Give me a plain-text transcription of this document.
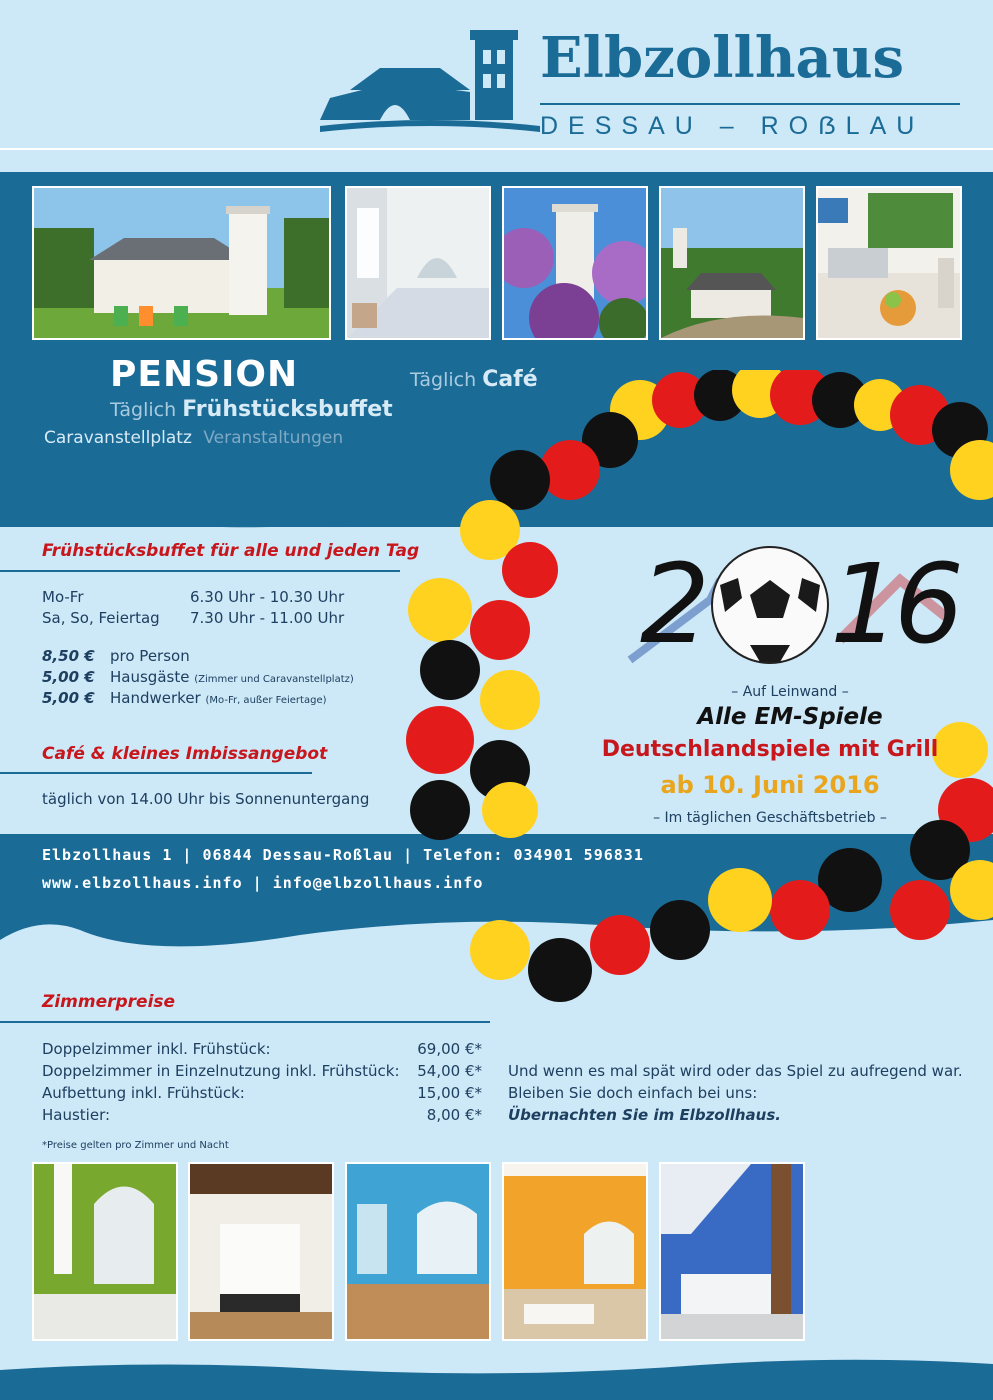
Elbzollhaus
DESSAU – ROẞLAU
PENSION	Täglich Café
Täglich Frühstücksbuffet
Caravanstellplatz Veranstaltungen
Frühstücksbuffet für alle und jeden Tag
Mo-Fr	6.30 Uhr - 10.30 Uhr
Sa, So, Feiertag 7.30 Uhr - 11.00 Uhr
8,50 € pro Person
5,00 € Hausgäste (Zimmer und Caravanstellplatz)
5,00 € Handwerker (Mo-Fr, außer Feiertage)
Café & kleines Imbissangebot
täglich von 14.00 Uhr bis Sonnenuntergang
Elbzollhaus 1 | 06844 Dessau-Roßlau | Telefon: 034901 596831
www.elbzollhaus.info | info@elbzollhaus.info
2 16
– Auf Leinwand –
Alle EM-Spiele
Deutschlandspiele mit Grill
ab 10. Juni 2016
– Im täglichen Geschäftsbetrieb –
Zimmerpreise
Doppelzimmer inkl. Frühstück:	69,00 €*
Doppelzimmer in Einzelnutzung inkl. Frühstück: 54,00 €*
Aufbettung inkl. Frühstück:	15,00 €*
Haustier:	8,00 €*
*Preise gelten pro Zimmer und Nacht
Und wenn es mal spät wird oder das Spiel zu aufregend war.
Bleiben Sie doch einfach bei uns:
Übernachten Sie im Elbzollhaus.
